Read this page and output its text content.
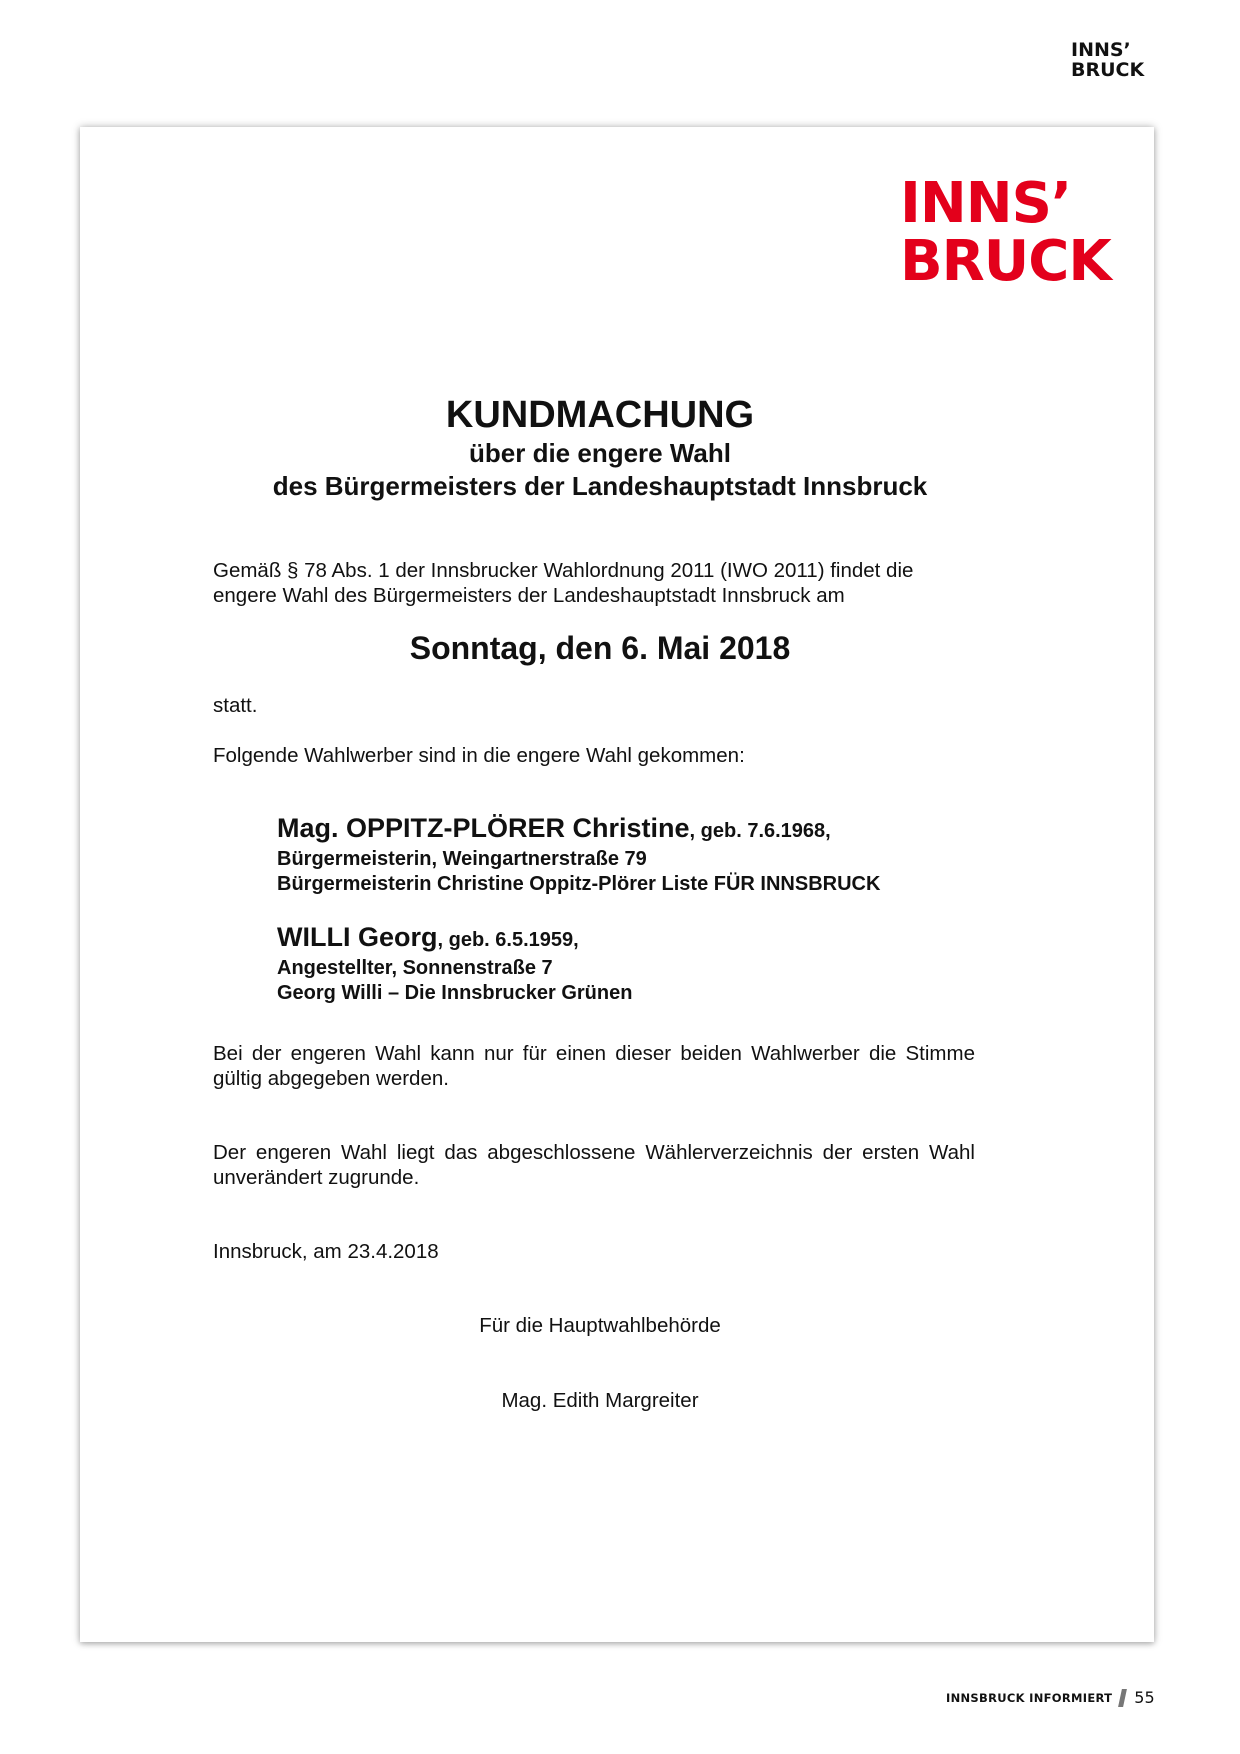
INNS’
BRUCK
INNS’
BRUCK
KUNDMACHUNG
über die engere Wahl
des Bürgermeisters der Landeshauptstadt Innsbruck
Gemäß § 78 Abs. 1 der Innsbrucker Wahlordnung 2011 (IWO 2011) findet die
engere Wahl des Bürgermeisters der Landeshauptstadt Innsbruck am
Sonntag, den 6. Mai 2018
statt.
Folgende Wahlwerber sind in die engere Wahl gekommen:
Mag. OPPITZ-PLÖRER Christine, geb. 7.6.1968,
Bürgermeisterin, Weingartnerstraße 79
Bürgermeisterin Christine Oppitz-Plörer Liste FÜR INNSBRUCK
WILLI Georg, geb. 6.5.1959,
Angestellter, Sonnenstraße 7
Georg Willi – Die Innsbrucker Grünen
Bei der engeren Wahl kann nur für einen dieser beiden Wahlwerber die Stimme gültig abgegeben werden.
Der engeren Wahl liegt das abgeschlossene Wählerverzeichnis der ersten Wahl unverändert zugrunde.
Innsbruck, am 23.4.2018
Für die Hauptwahlbehörde
Mag. Edith Margreiter
INNSBRUCK INFORMIERT 55
